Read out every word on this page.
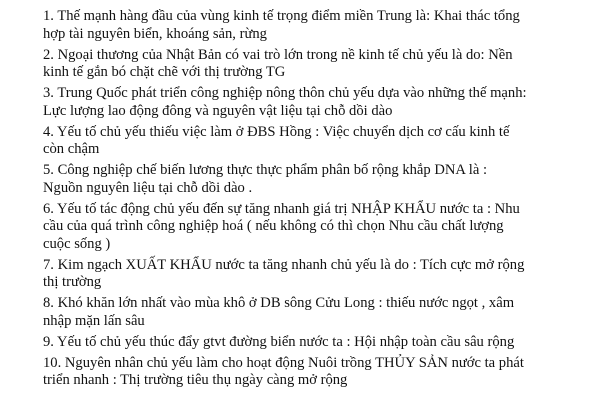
1. Thế mạnh hàng đầu của vùng kinh tế trọng điểm miền Trung là: Khai thác tổng
hợp tài nguyên biển, khoáng sản, rừng
2. Ngoại thương của Nhật Bản có vai trò lớn trong nề kinh tế chủ yếu là do: Nền
kinh tế gắn bó chặt chẽ với thị trường TG
3. Trung Quốc phát triển công nghiệp nông thôn chủ yếu dựa vào những thế mạnh:
Lực lượng lao động đông và nguyên vật liệu tại chỗ dồi dào
4. Yếu tố chủ yếu thiếu việc làm ở ĐBS Hồng : Việc chuyển dịch cơ cấu kinh tế
còn chậm
5. Công nghiệp chế biến lương thực thực phẩm phân bố rộng khắp DNA là :
Nguồn nguyên liệu tại chỗ dồi dào .
6. Yếu tố tác động chủ yếu đến sự tăng nhanh giá trị NHẬP KHẨU nước ta : Nhu
cầu của quá trình công nghiệp hoá ( nếu không có thì chọn Nhu cầu chất lượng
cuộc sống )
7. Kim ngạch XUẤT KHẨU nước ta tăng nhanh chủ yếu là do : Tích cực mở rộng
thị trường
8. Khó khăn lớn nhất vào mùa khô ở DB sông Cửu Long : thiếu nước ngọt , xâm
nhập mặn lấn sâu
9. Yếu tố chủ yếu thúc đẩy gtvt đường biển nước ta : Hội nhập toàn cầu sâu rộng
10. Nguyên nhân chủ yếu làm cho hoạt động Nuôi trồng THỦY SẢN nước ta phát
triển nhanh : Thị trường tiêu thụ ngày càng mở rộng
